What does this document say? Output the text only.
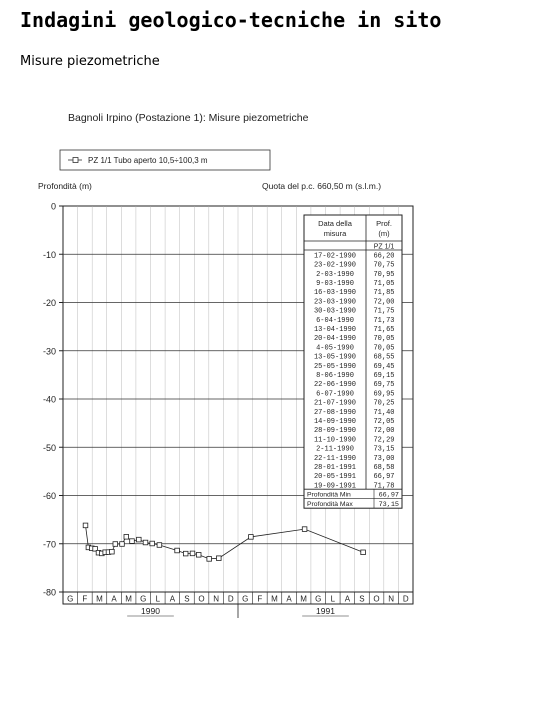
Indagini geologico-tecniche in sito
Misure piezometriche
Bagnoli Irpino (Postazione 1): Misure piezometriche
PZ 1/1 Tubo aperto 10,5÷100,3 m
Profondità (m)	Quota del p.c. 660,50 m (s.l.m.)
0
-10
-20
-30
-40
-50
-60
-70
-80
Data della
misura
Prof.
(m)
PZ 1/1
17-02-1990 66,20
23-02-1990 70,75
2-03-1990	70,95
9-03-1990	71,05
16-03-1990 71,85
23-03-1990 72,00
30-03-1990 71,75
6-04-1990	71,73
13-04-1990 71,65
20-04-1990 70,05
4-05-1990	70,05
13-05-1990 68,55
25-05-1990 69,45
8-06-1990	69,15
22-06-1990 69,75
6-07-1990	69,95
21-07-1990 70,25
27-08-1990 71,40
14-09-1990 72,05
28-09-1990 72,00
11-10-1990 72,29
2-11-1990	73,15
22-11-1990 73,00
28-01-1991 68,58
20-05-1991 66,97
19-09-1991 71,78
Profondità Min	66,97
Profondità Max	73,15
G F M A M G L A S O N D G F M A M G L A S O N D
1990	1991
